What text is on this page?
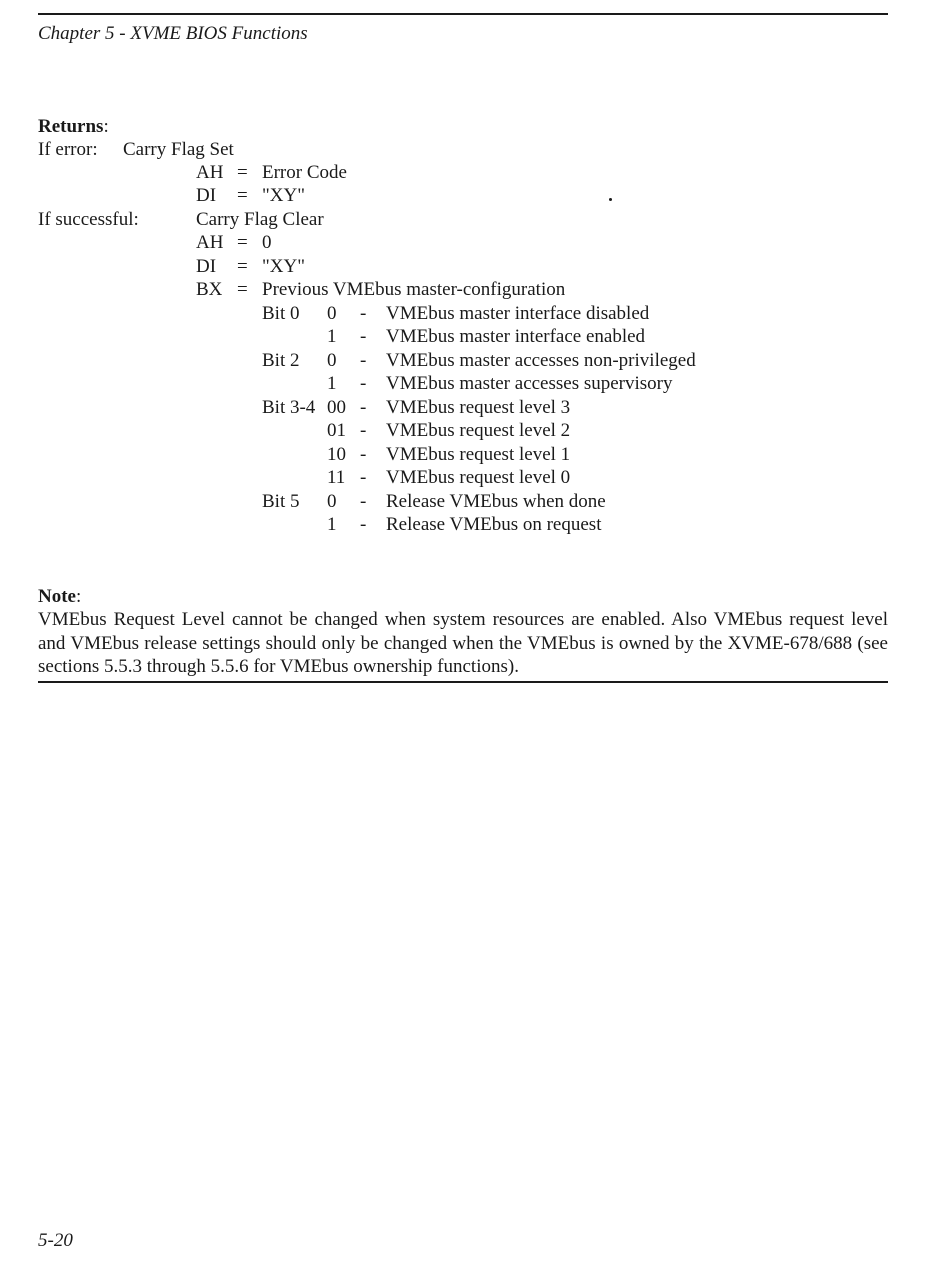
Chapter 5 - XVME BIOS Functions
Returns:
If error: Carry Flag Set
AH = Error Code
DI = "XY"
If successful:	Carry Flag Clear
AH = 0
DI = "XY"
BX = Previous VMEbus master-configuration
Bit 0 0 - VMEbus master interface disabled
1 - VMEbus master interface enabled
Bit 2 0 - VMEbus master accesses non-privileged
1 - VMEbus master accesses supervisory
Bit 3-4 00 - VMEbus request level 3
01 - VMEbus request level 2
10 - VMEbus request level 1
11 - VMEbus request level 0
Bit 5 0 - Release VMEbus when done
1 - Release VMEbus on request
Note:
VMEbus Request Level cannot be changed when system resources are enabled. Also VMEbus request level and VMEbus release settings should only be changed when the VMEbus is owned by the XVME-678/688 (see sections 5.5.3 through 5.5.6 for VMEbus ownership functions).
5-20
